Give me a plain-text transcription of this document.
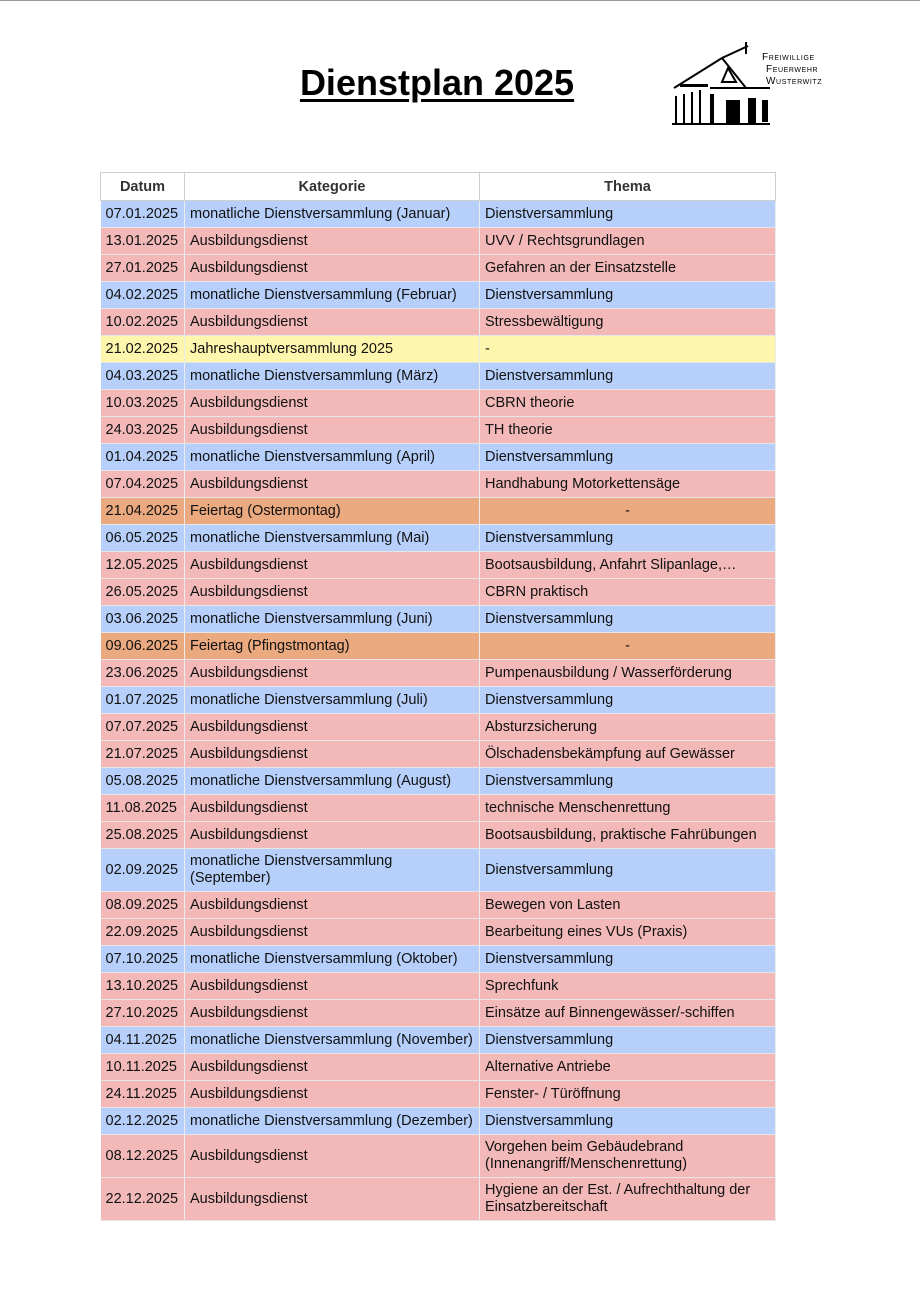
Dienstplan 2025
Freiwillige
Feuerwehr
Wusterwitz
Datum	Kategorie	Thema
07.01.2025	monatliche Dienstversammlung (Januar)	Dienstversammlung
13.01.2025	Ausbildungsdienst	UVV / Rechtsgrundlagen
27.01.2025	Ausbildungsdienst	Gefahren an der Einsatzstelle
04.02.2025	monatliche Dienstversammlung (Februar)	Dienstversammlung
10.02.2025	Ausbildungsdienst	Stressbewältigung
21.02.2025	Jahreshauptversammlung 2025	-
04.03.2025	monatliche Dienstversammlung (März)	Dienstversammlung
10.03.2025	Ausbildungsdienst	CBRN theorie
24.03.2025	Ausbildungsdienst	TH theorie
01.04.2025	monatliche Dienstversammlung (April)	Dienstversammlung
07.04.2025	Ausbildungsdienst	Handhabung Motorkettensäge
21.04.2025	Feiertag (Ostermontag)	-
06.05.2025	monatliche Dienstversammlung (Mai)	Dienstversammlung
12.05.2025	Ausbildungsdienst	Bootsausbildung, Anfahrt Slipanlage,…
26.05.2025	Ausbildungsdienst	CBRN praktisch
03.06.2025	monatliche Dienstversammlung (Juni)	Dienstversammlung
09.06.2025	Feiertag (Pfingstmontag)	-
23.06.2025	Ausbildungsdienst	Pumpenausbildung / Wasserförderung
01.07.2025	monatliche Dienstversammlung (Juli)	Dienstversammlung
07.07.2025	Ausbildungsdienst	Absturzsicherung
21.07.2025	Ausbildungsdienst	Ölschadensbekämpfung auf Gewässer
05.08.2025	monatliche Dienstversammlung (August)	Dienstversammlung
11.08.2025	Ausbildungsdienst	technische Menschenrettung
25.08.2025	Ausbildungsdienst	Bootsausbildung, praktische Fahrübungen
02.09.2025	monatliche Dienstversammlung (September)	Dienstversammlung
08.09.2025	Ausbildungsdienst	Bewegen von Lasten
22.09.2025	Ausbildungsdienst	Bearbeitung eines VUs (Praxis)
07.10.2025	monatliche Dienstversammlung (Oktober)	Dienstversammlung
13.10.2025	Ausbildungsdienst	Sprechfunk
27.10.2025	Ausbildungsdienst	Einsätze auf Binnengewässer/-schiffen
04.11.2025	monatliche Dienstversammlung (November)	Dienstversammlung
10.11.2025	Ausbildungsdienst	Alternative Antriebe
24.11.2025	Ausbildungsdienst	Fenster- / Türöffnung
02.12.2025	monatliche Dienstversammlung (Dezember)	Dienstversammlung
08.12.2025	Ausbildungsdienst	Vorgehen beim Gebäudebrand (Innenangriff/Menschenrettung)
22.12.2025	Ausbildungsdienst	Hygiene an der Est. / Aufrechthaltung der Einsatzbereitschaft
